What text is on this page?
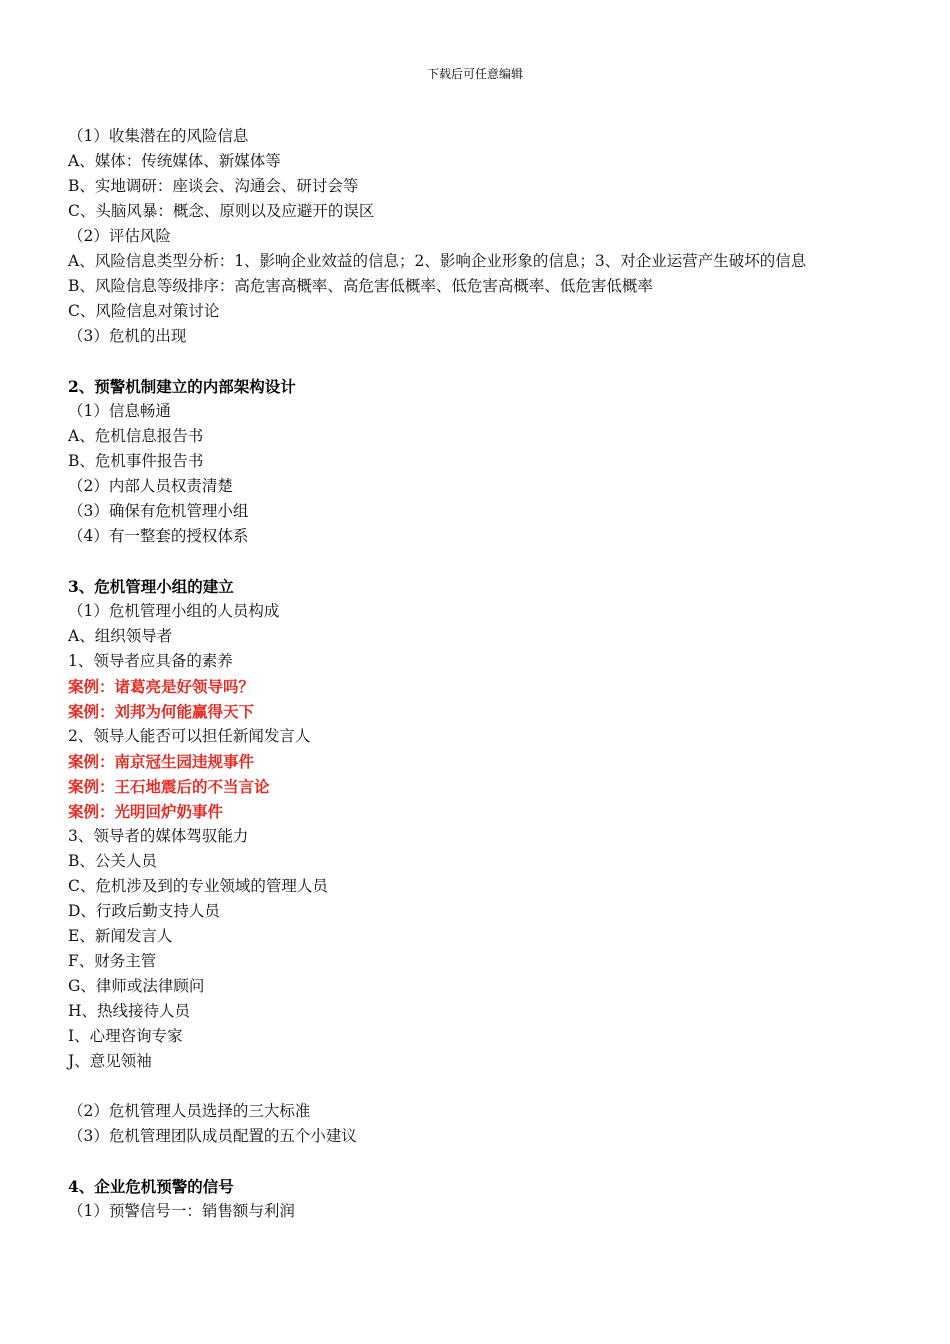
下载后可任意编辑
（1）收集潜在的风险信息
A、媒体：传统媒体、新媒体等
B、实地调研：座谈会、沟通会、研讨会等
C、头脑风暴：概念、原则以及应避开的误区
（2）评估风险
A、风险信息类型分析：1、影响企业效益的信息；2、影响企业形象的信息；3、对企业运营产生破坏的信息
B、风险信息等级排序：高危害高概率、高危害低概率、低危害高概率、低危害低概率
C、风险信息对策讨论
（3）危机的出现
2、预警机制建立的内部架构设计
（1）信息畅通
A、危机信息报告书
B、危机事件报告书
（2）内部人员权责清楚
（3）确保有危机管理小组
（4）有一整套的授权体系
3、危机管理小组的建立
（1）危机管理小组的人员构成
A、组织领导者
1、领导者应具备的素养
案例：诸葛亮是好领导吗？
案例：刘邦为何能赢得天下
2、领导人能否可以担任新闻发言人
案例：南京冠生园违规事件
案例：王石地震后的不当言论
案例：光明回炉奶事件
3、领导者的媒体驾驭能力
B、公关人员
C、危机涉及到的专业领域的管理人员
D、行政后勤支持人员
E、新闻发言人
F、财务主管
G、律师或法律顾问
H、热线接待人员
I、心理咨询专家
J、意见领袖
（2）危机管理人员选择的三大标准
（3）危机管理团队成员配置的五个小建议
4、企业危机预警的信号
（1）预警信号一：销售额与利润
